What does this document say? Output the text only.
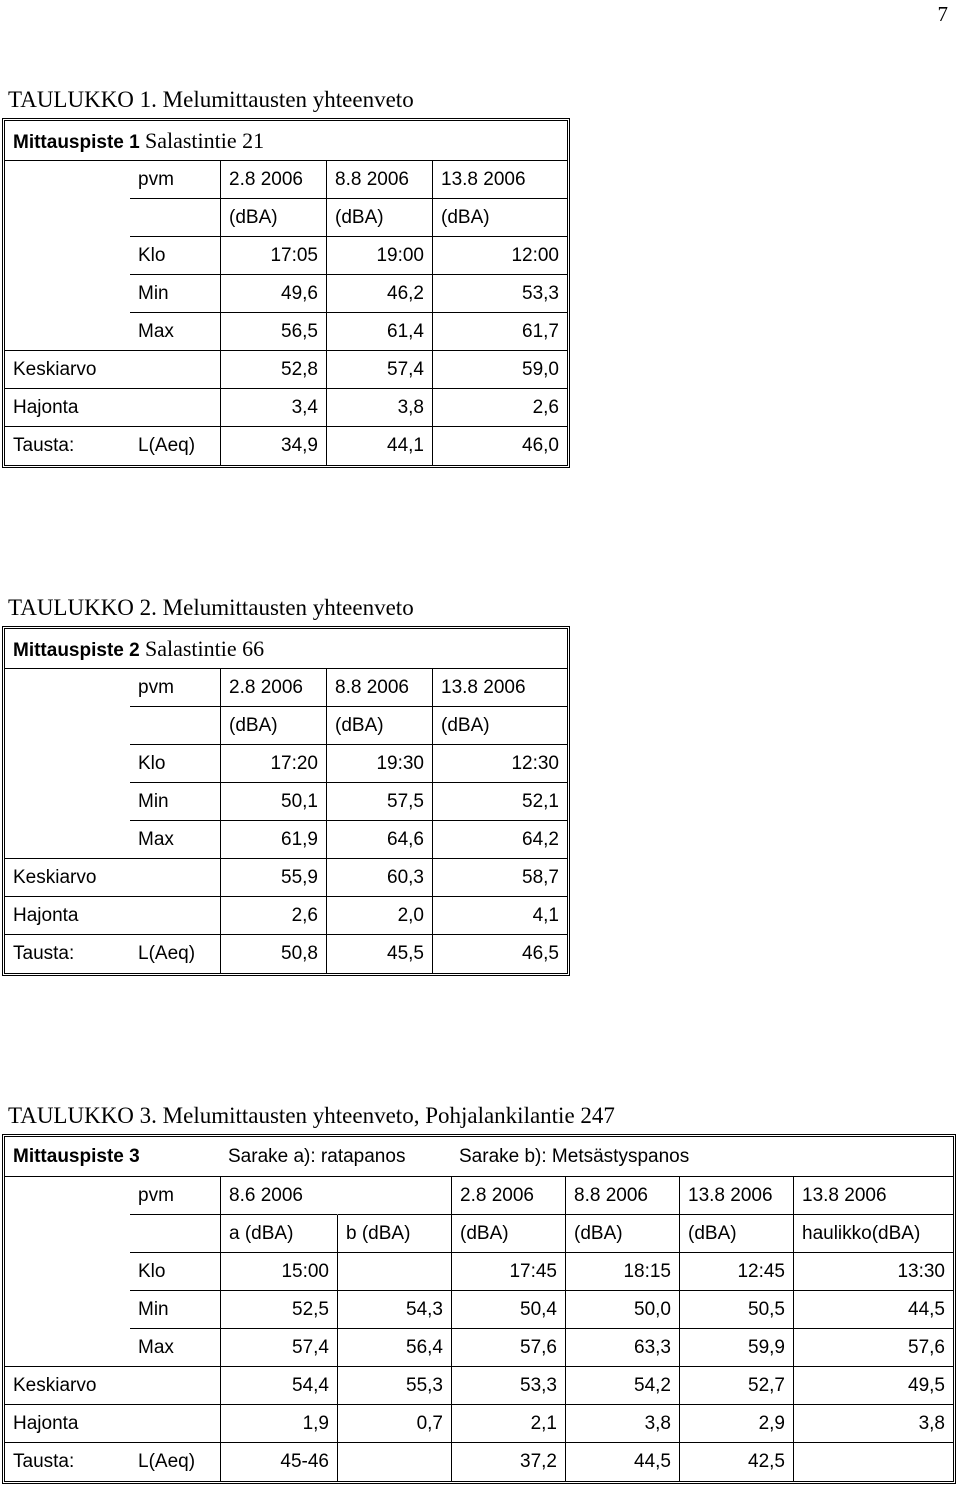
7
TAULUKKO 1. Melumittausten yhteenveto
Mittauspiste 1 Salastintie 21				
	pvm	2.8 2006	8.8 2006	13.8 2006
		(dBA)	(dBA)	(dBA)
	Klo	17:05	19:00	12:00
	Min	49,6	46,2	53,3
	Max	56,5	61,4	61,7
Keskiarvo		52,8	57,4	59,0
Hajonta		3,4	3,8	2,6
Tausta:	L(Aeq)	34,9	44,1	46,0
TAULUKKO 2. Melumittausten yhteenveto
Mittauspiste 2 Salastintie 66				
	pvm	2.8 2006	8.8 2006	13.8 2006
		(dBA)	(dBA)	(dBA)
	Klo	17:20	19:30	12:30
	Min	50,1	57,5	52,1
	Max	61,9	64,6	64,2
Keskiarvo		55,9	60,3	58,7
Hajonta		2,6	2,0	4,1
Tausta:	L(Aeq)	50,8	45,5	46,5
TAULUKKO 3. Melumittausten yhteenveto, Pohjalankilantie 247
Mittauspiste 3		Sarake a): ratapanos		Sarake b): Metsästyspanos			
	pvm	8.6 2006		2.8 2006	8.8 2006	13.8 2006	13.8 2006
		a (dBA)	b (dBA)	(dBA)	(dBA)	(dBA)	haulikko(dBA)
	Klo	15:00		17:45	18:15	12:45	13:30
	Min	52,5	54,3	50,4	50,0	50,5	44,5
	Max	57,4	56,4	57,6	63,3	59,9	57,6
Keskiarvo		54,4	55,3	53,3	54,2	52,7	49,5
Hajonta		1,9	0,7	2,1	3,8	2,9	3,8
Tausta:	L(Aeq)	45-46		37,2	44,5	42,5	
